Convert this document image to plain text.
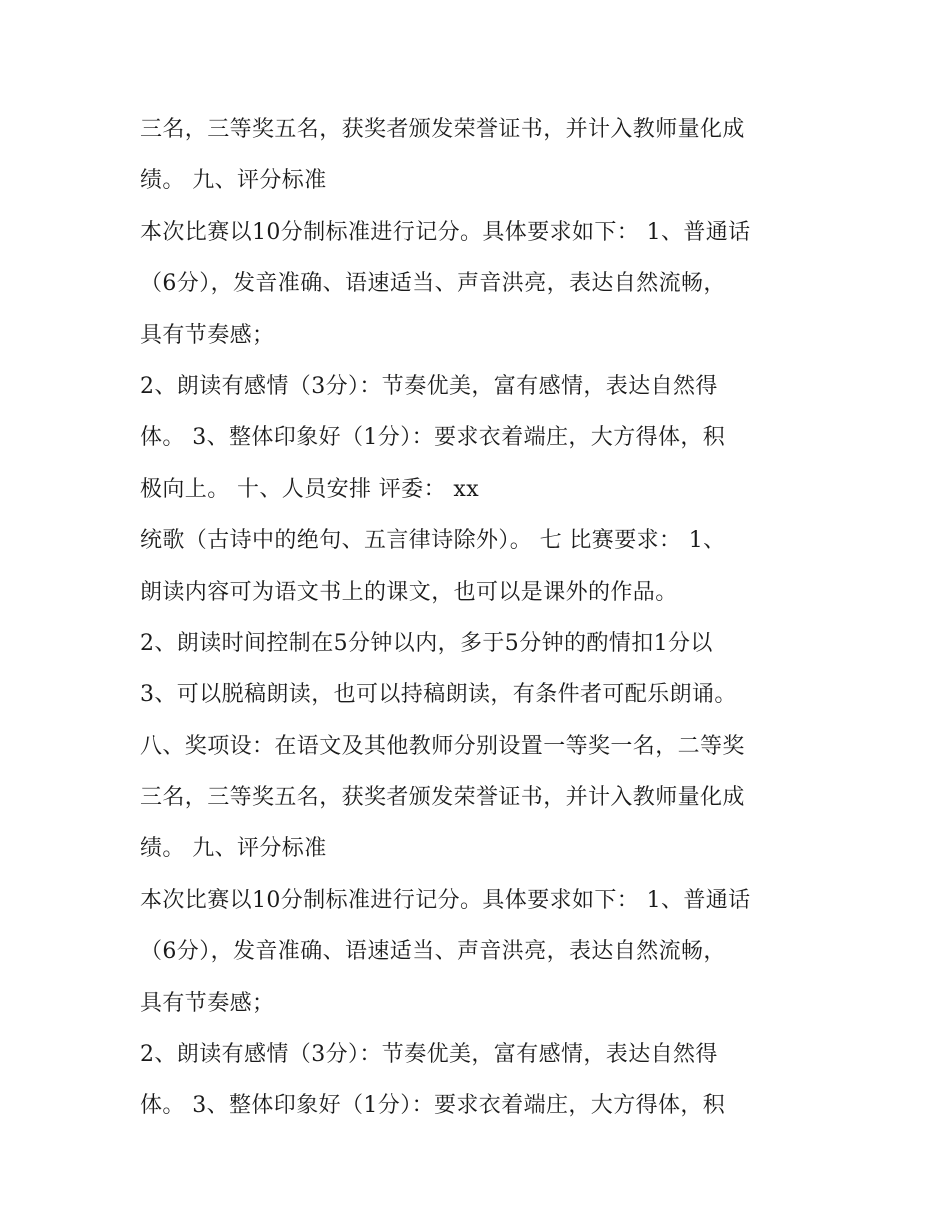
三名，三等奖五名，获奖者颁发荣誉证书，并计入教师量化成
绩。 九、评分标准
本次比赛以10分制标准进行记分。具体要求如下： 1、普通话
（6分），发音准确、语速适当、声音洪亮，表达自然流畅，
具有节奏感；
2、朗读有感情（3分）：节奏优美，富有感情，表达自然得
体。 3、整体印象好（1分）：要求衣着端庄，大方得体，积
极向上。 十、人员安排 评委： xx
统歌（古诗中的绝句、五言律诗除外）。 七 比赛要求： 1、
朗读内容可为语文书上的课文，也可以是课外的作品。
2、朗读时间控制在5分钟以内，多于5分钟的酌情扣1分以
3、可以脱稿朗读，也可以持稿朗读，有条件者可配乐朗诵。
八、奖项设：在语文及其他教师分别设置一等奖一名，二等奖
三名，三等奖五名，获奖者颁发荣誉证书，并计入教师量化成
绩。 九、评分标准
本次比赛以10分制标准进行记分。具体要求如下： 1、普通话
（6分），发音准确、语速适当、声音洪亮，表达自然流畅，
具有节奏感；
2、朗读有感情（3分）：节奏优美，富有感情，表达自然得
体。 3、整体印象好（1分）：要求衣着端庄，大方得体，积
